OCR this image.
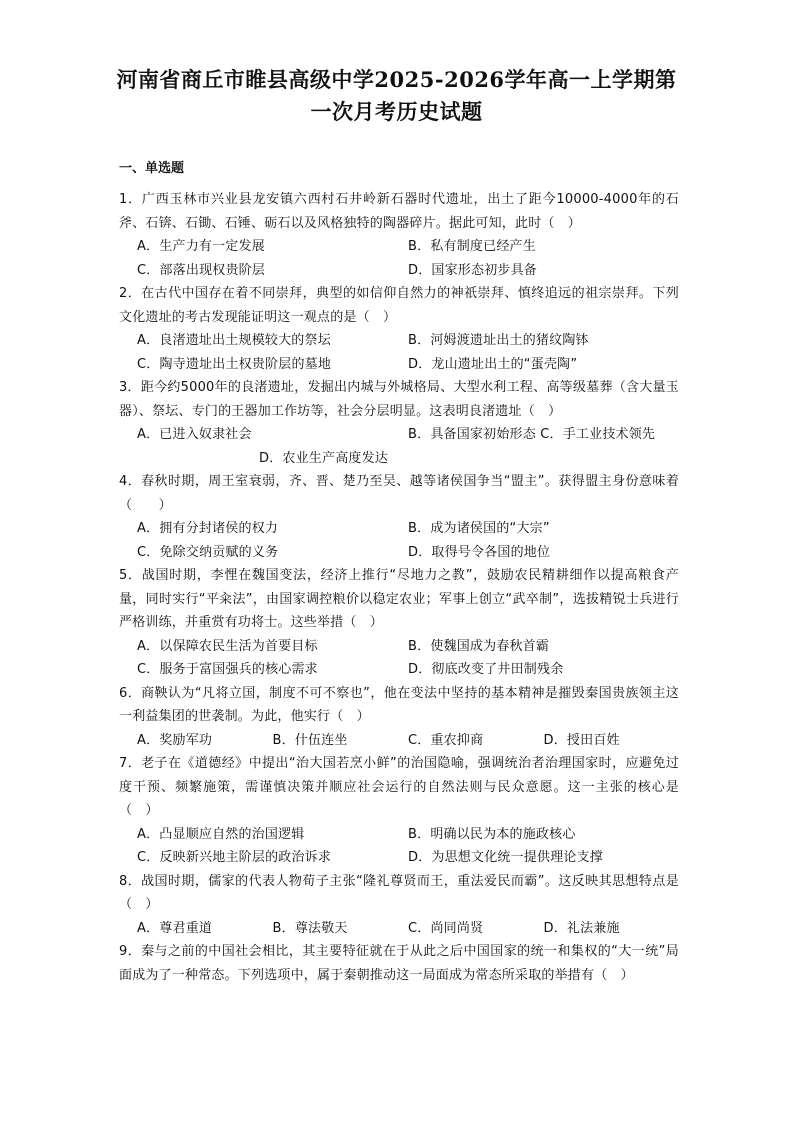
河南省商丘市睢县高级中学2025-2026学年高一上学期第
一次月考历史试题
一、单选题
1．广西玉林市兴业县龙安镇六西村石井岭新石器时代遗址，出土了距今10000-4000年的石斧、石锛、石锄、石锤、砺石以及风格独特的陶器碎片。据此可知，此时（　）
A．生产力有一定发展	B．私有制度已经产生
C．部落出现权贵阶层	D．国家形态初步具备
2．在古代中国存在着不同崇拜，典型的如信仰自然力的神祇崇拜、慎终追远的祖宗崇拜。下列文化遗址的考古发现能证明这一观点的是（　）
A．良渚遗址出土规模较大的祭坛	B．河姆渡遗址出土的猪纹陶钵
C．陶寺遗址出土权贵阶层的墓地	D．龙山遗址出土的“蛋壳陶”
3．距今约5000年的良渚遗址，发掘出内城与外城格局、大型水利工程、高等级墓葬（含大量玉器）、祭坛、专门的王器加工作坊等，社会分层明显。这表明良渚遗址（　）
A．已进入奴隶社会	B．具备国家初始形态 C．手工业技术领先
D．农业生产高度发达
4．春秋时期，周王室衰弱，齐、晋、楚乃至吴、越等诸侯国争当“盟主”。获得盟主身份意味着（　　）
A．拥有分封诸侯的权力	B．成为诸侯国的“大宗”
C．免除交纳贡赋的义务	D．取得号令各国的地位
5．战国时期，李悝在魏国变法，经济上推行“尽地力之教”，鼓励农民精耕细作以提高粮食产量，同时实行“平籴法”，由国家调控粮价以稳定农业；军事上创立“武卒制”，选拔精锐士兵进行严格训练，并重赏有功将士。这些举措（　）
A．以保障农民生活为首要目标	B．使魏国成为春秋首霸
C．服务于富国强兵的核心需求	D．彻底改变了井田制残余
6．商鞅认为“凡将立国，制度不可不察也”，他在变法中坚持的基本精神是摧毁秦国贵族领主这一利益集团的世袭制。为此，他实行（　）
A．奖励军功	B．什伍连坐	C．重农抑商	D．授田百姓
7．老子在《道德经》中提出“治大国若烹小鲜”的治国隐喻，强调统治者治理国家时，应避免过度干预、频繁施策，需谨慎决策并顺应社会运行的自然法则与民众意愿。这一主张的核心是（　）
A．凸显顺应自然的治国逻辑	B．明确以民为本的施政核心
C．反映新兴地主阶层的政治诉求	D．为思想文化统一提供理论支撑
8．战国时期，儒家的代表人物荀子主张“隆礼尊贤而王，重法爱民而霸”。这反映其思想特点是（　）
A．尊君重道	B．尊法敬天	C．尚同尚贤	D．礼法兼施
9．秦与之前的中国社会相比，其主要特征就在于从此之后中国国家的统一和集权的“大一统”局面成为了一种常态。下列选项中，属于秦朝推动这一局面成为常态所采取的举措有（　）
